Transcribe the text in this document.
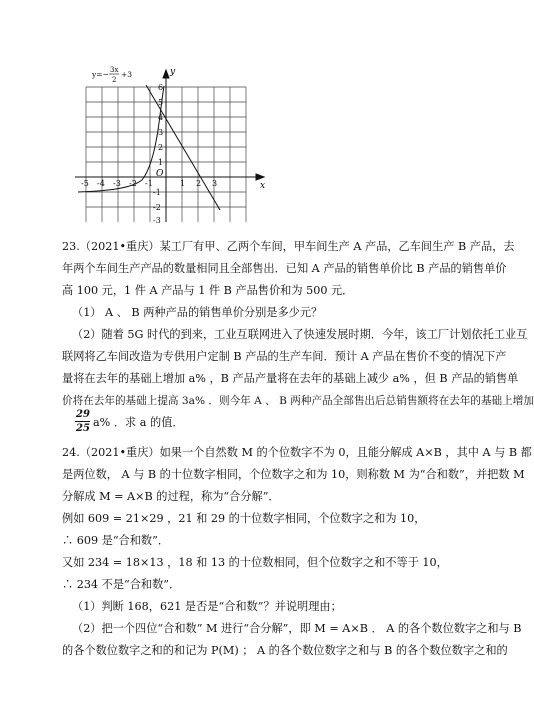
-5 -4 -3 -2 -1	1 2 3
6
5
4
3
2
1
-1
-2
-3
O
x
y
y=− 3x
2
+3
23.（2021•重庆）某工厂有甲、乙两个车间，甲车间生产 A 产品，乙车间生产 B 产品，去
年两个车间生产产品的数量相同且全部售出．已知 A 产品的销售单价比 B 产品的销售单价
高 100 元，1 件 A 产品与 1 件 B 产品售价和为 500 元．
（1） A 、 B 两种产品的销售单价分别是多少元？
（2）随着 5G 时代的到来，工业互联网进入了快速发展时期．今年，该工厂计划依托工业互
联网将乙车间改造为专供用户定制 B 产品的生产车间．预计 A 产品在售价不变的情况下产
量将在去年的基础上增加 a% ，B 产品产量将在去年的基础上减少 a% ，但 B 产品的销售单
价将在去年的基础上提高 3a% ．则今年 A 、 B 两种产品全部售出后总销售额将在去年的基础上增加
29
25 a% ．求 a 的值．
24.（2021•重庆）如果一个自然数 M 的个位数字不为 0，且能分解成 A×B ，其中 A 与 B 都
是两位数， A 与 B 的十位数字相同，个位数字之和为 10，则称数 M 为“合和数”，并把数 M
分解成 M = A×B 的过程，称为“合分解”．
例如 609 = 21×29 ，21 和 29 的十位数字相同，个位数字之和为 10，
∴ 609 是“合和数”．
又如 234 = 18×13 ，18 和 13 的十位数相同，但个位数字之和不等于 10，
∴ 234 不是“合和数”．
（1）判断 168，621 是否是“合和数”？并说明理由；
（2）把一个四位“合和数” M 进行“合分解”，即 M = A×B ． A 的各个数位数字之和与 B
的各个数位数字之和的和记为 P(M) ； A 的各个数位数字之和与 B 的各个数位数字之和的
